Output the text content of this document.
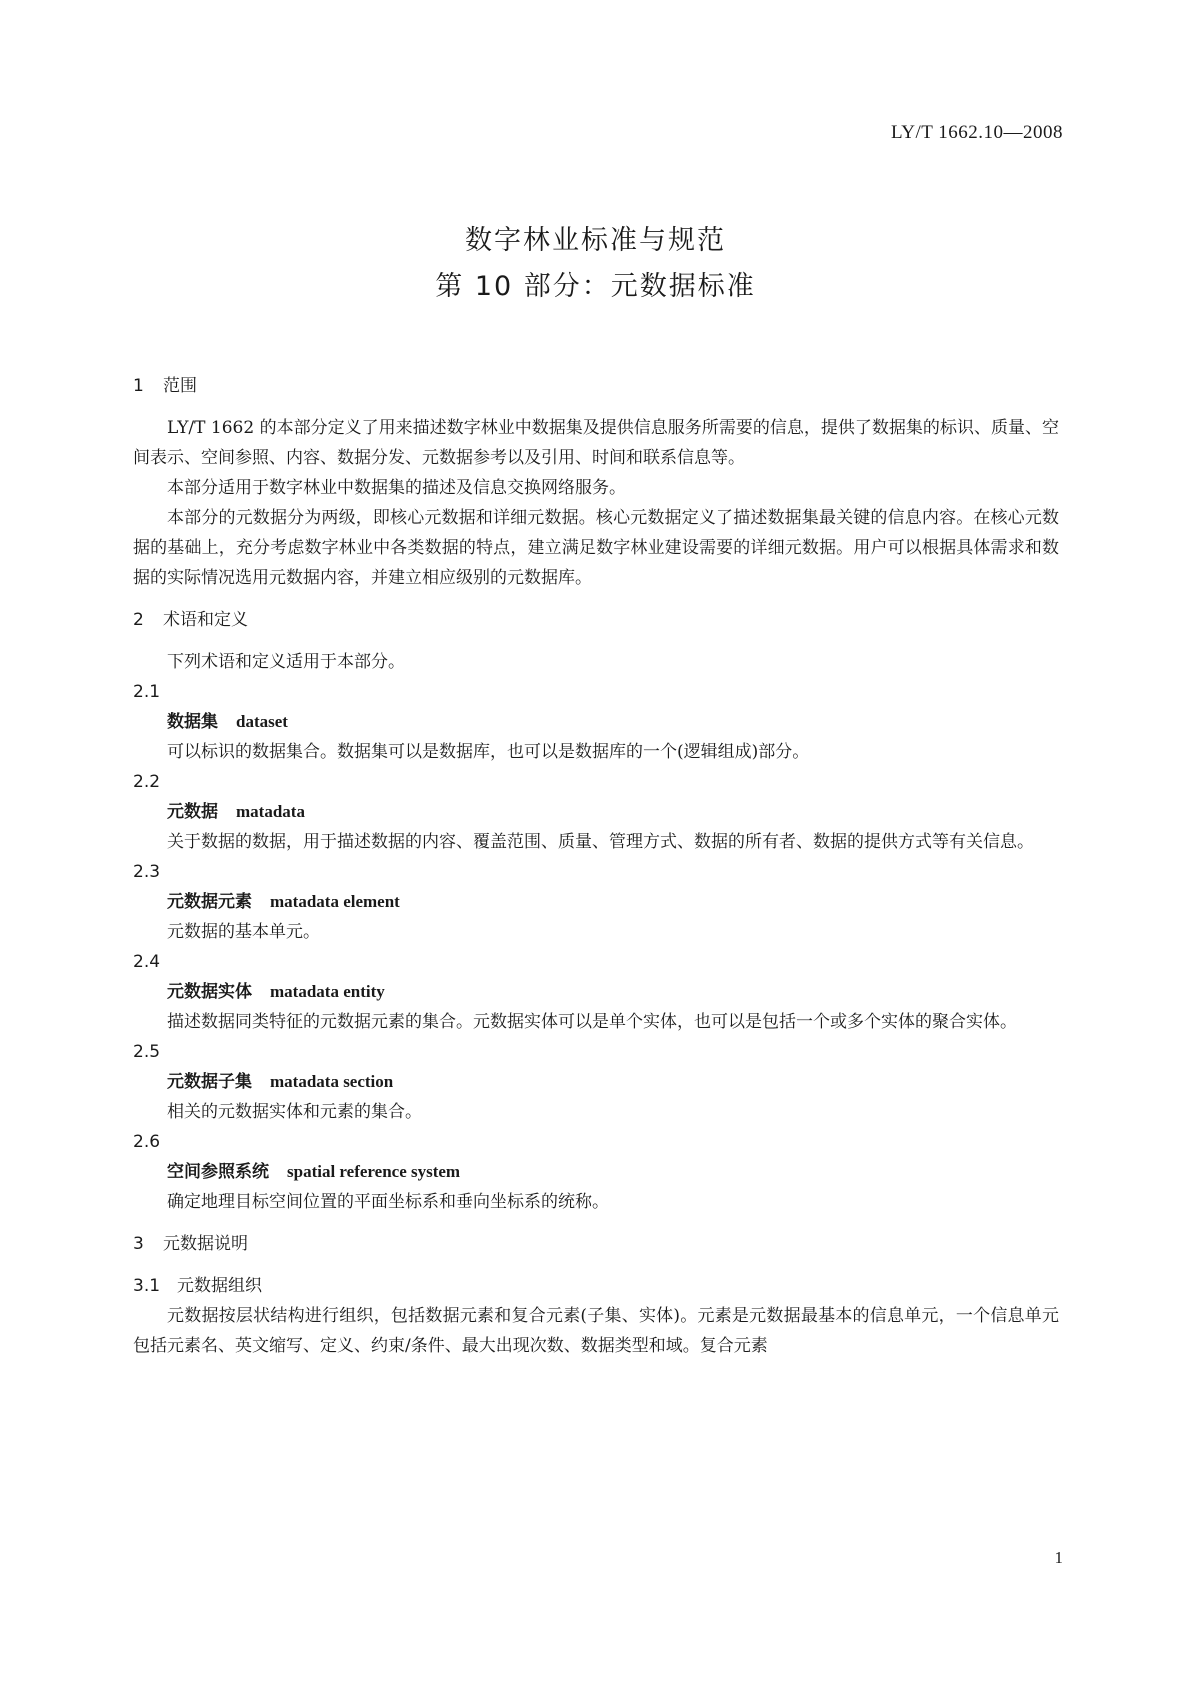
LY/T 1662.10—2008
数字林业标准与规范
第 10 部分：元数据标准
1 范围

LY/T 1662 的本部分定义了用来描述数字林业中数据集及提供信息服务所需要的信息，提供了数据集的标识、质量、空间表示、空间参照、内容、数据分发、元数据参考以及引用、时间和联系信息等。

本部分适用于数字林业中数据集的描述及信息交换网络服务。

本部分的元数据分为两级，即核心元数据和详细元数据。核心元数据定义了描述数据集最关键的信息内容。在核心元数据的基础上，充分考虑数字林业中各类数据的特点，建立满足数字林业建设需要的详细元数据。用户可以根据具体需求和数据的实际情况选用元数据内容，并建立相应级别的元数据库。

2 术语和定义

下列术语和定义适用于本部分。

2.1
数据集 dataset

可以标识的数据集合。数据集可以是数据库，也可以是数据库的一个(逻辑组成)部分。

2.2
元数据 matadata

关于数据的数据，用于描述数据的内容、覆盖范围、质量、管理方式、数据的所有者、数据的提供方式等有关信息。

2.3
元数据元素 matadata element

元数据的基本单元。

2.4
元数据实体 matadata entity

描述数据同类特征的元数据元素的集合。元数据实体可以是单个实体，也可以是包括一个或多个实体的聚合实体。

2.5
元数据子集 matadata section

相关的元数据实体和元素的集合。

2.6
空间参照系统 spatial reference system

确定地理目标空间位置的平面坐标系和垂向坐标系的统称。

3 元数据说明
3.1 元数据组织

元数据按层状结构进行组织，包括数据元素和复合元素(子集、实体)。元素是元数据最基本的信息单元，一个信息单元包括元素名、英文缩写、定义、约束/条件、最大出现次数、数据类型和域。复合元素

1
